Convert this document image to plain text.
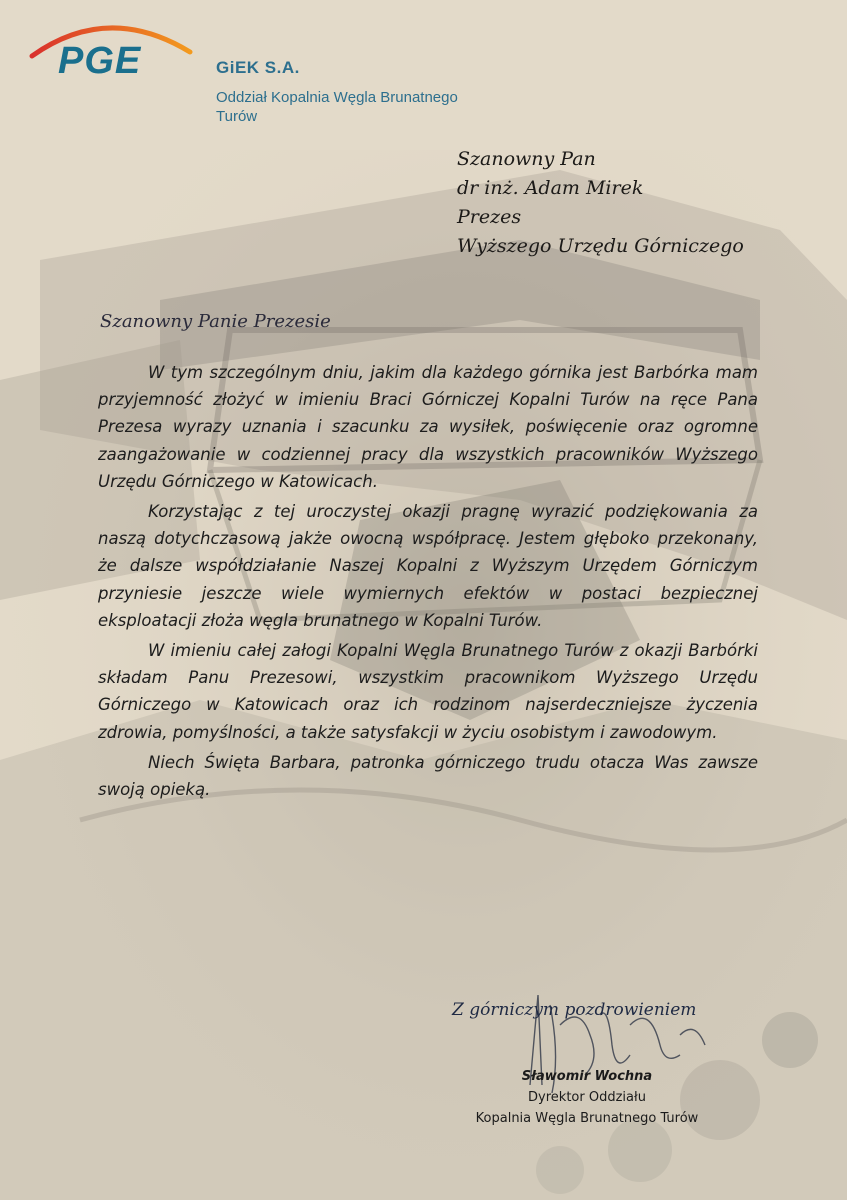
PGE	GiEK S.A.
Oddział Kopalnia Węgla Brunatnego
Turów
Szanowny Pan
dr inż. Adam Mirek
Prezes
Wyższego Urzędu Górniczego
Szanowny Panie Prezesie

W tym szczególnym dniu, jakim dla każdego górnika jest Barbórka mam przyjemność złożyć w imieniu Braci Górniczej Kopalni Turów na ręce Pana Prezesa wyrazy uznania i szacunku za wysiłek, poświęcenie oraz ogromne zaangażowanie w codziennej pracy dla wszystkich pracowników Wyższego Urzędu Górniczego w Katowicach.

Korzystając z tej uroczystej okazji pragnę wyrazić podziękowania za naszą dotychczasową jakże owocną współpracę. Jestem głęboko przekonany, że dalsze współdziałanie Naszej Kopalni z Wyższym Urzędem Górniczym przyniesie jeszcze wiele wymiernych efektów w postaci bezpiecznej eksploatacji złoża węgla brunatnego w Kopalni Turów.

W imieniu całej załogi Kopalni Węgla Brunatnego Turów z okazji Barbórki składam Panu Prezesowi, wszystkim pracownikom Wyższego Urzędu Górniczego w Katowicach oraz ich rodzinom najserdeczniejsze życzenia zdrowia, pomyślności, a także satysfakcji w życiu osobistym i zawodowym.

Niech Święta Barbara, patronka górniczego trudu otacza Was zawsze swoją opieką.

Z górniczym pozdrowieniem
Sławomir Wochna
Dyrektor Oddziału
Kopalnia Węgla Brunatnego Turów
